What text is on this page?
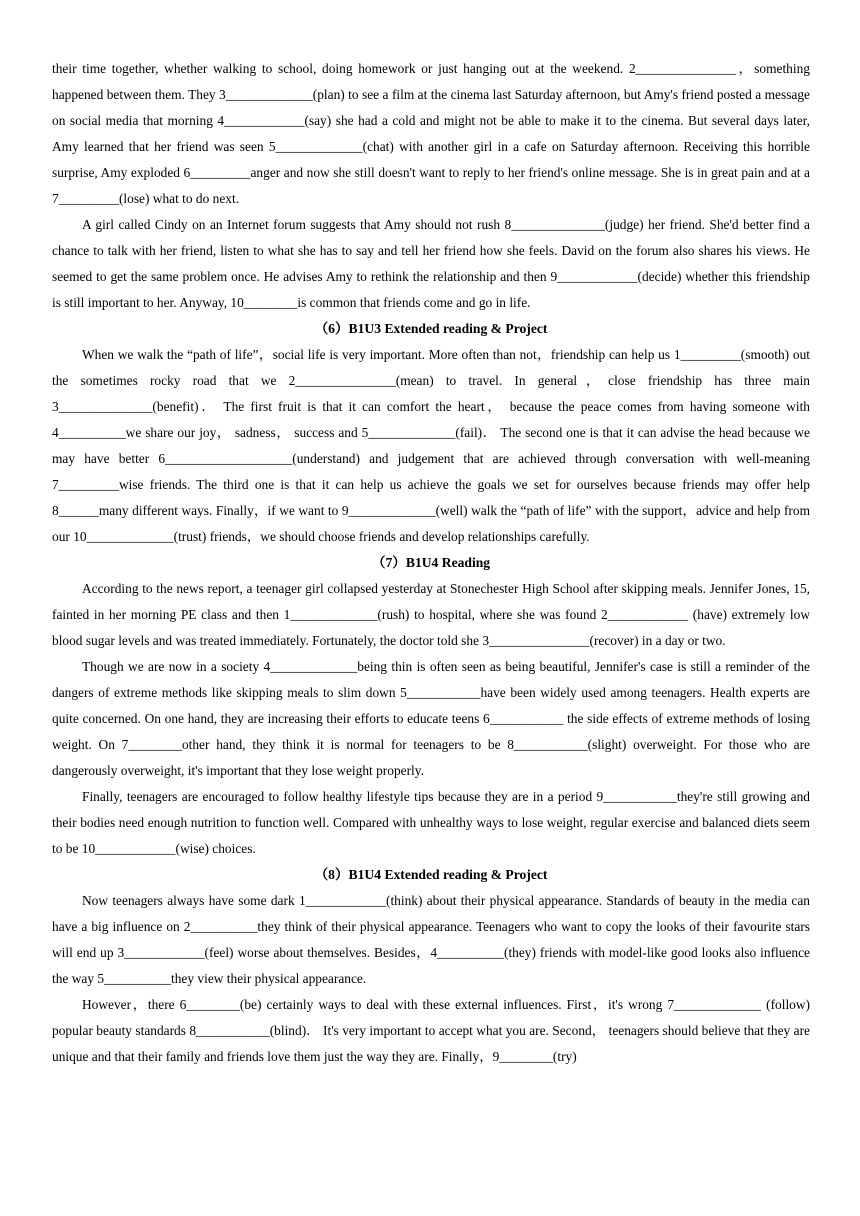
their time together, whether walking to school, doing homework or just hanging out at the weekend. 2_______________，something happened between them. They 3_____________(plan) to see a film at the cinema last Saturday afternoon, but Amy's friend posted a message on social media that morning 4____________(say) she had a cold and might not be able to make it to the cinema. But several days later, Amy learned that her friend was seen 5_____________(chat) with another girl in a cafe on Saturday afternoon. Receiving this horrible surprise, Amy exploded 6_________anger and now she still doesn't want to reply to her friend's online message. She is in great pain and at a 7_________(lose) what to do next.

A girl called Cindy on an Internet forum suggests that Amy should not rush 8______________(judge) her friend. She'd better find a chance to talk with her friend, listen to what she has to say and tell her friend how she feels. David on the forum also shares his views. He seemed to get the same problem once. He advises Amy to rethink the relationship and then 9____________(decide) whether this friendship is still important to her. Anyway, 10________is common that friends come and go in life.

（6）B1U3 Extended reading & Project

When we walk the “path of life”，social life is very important. More often than not，friendship can help us 1_________(smooth) out the sometimes rocky road that we 2_______________(mean) to travel. In general，close friendship has three main 3______________(benefit)． The first fruit is that it can comfort the heart， because the peace comes from having someone with 4__________we share our joy， sadness， success and 5_____________(fail)． The second one is that it can advise the head because we may have better 6___________________(understand) and judgement that are achieved through conversation with well-meaning 7_________wise friends. The third one is that it can help us achieve the goals we set for ourselves because friends may offer help 8______many different ways. Finally，if we want to 9_____________(well) walk the “path of life” with the support，advice and help from our 10_____________(trust) friends，we should choose friends and develop relationships carefully.

（7）B1U4 Reading

According to the news report, a teenager girl collapsed yesterday at Stonechester High School after skipping meals. Jennifer Jones, 15, fainted in her morning PE class and then 1_____________(rush) to hospital, where she was found 2____________ (have) extremely low blood sugar levels and was treated immediately. Fortunately, the doctor told she 3_______________(recover) in a day or two.

Though we are now in a society 4_____________being thin is often seen as being beautiful, Jennifer's case is still a reminder of the dangers of extreme methods like skipping meals to slim down 5___________have been widely used among teenagers. Health experts are quite concerned. On one hand, they are increasing their efforts to educate teens 6___________ the side effects of extreme methods of losing weight. On 7________other hand, they think it is normal for teenagers to be 8___________(slight) overweight. For those who are dangerously overweight, it's important that they lose weight properly.

Finally, teenagers are encouraged to follow healthy lifestyle tips because they are in a period 9___________they're still growing and their bodies need enough nutrition to function well. Compared with unhealthy ways to lose weight, regular exercise and balanced diets seem to be 10____________(wise) choices.

（8）B1U4 Extended reading & Project

Now teenagers always have some dark 1____________(think) about their physical appearance. Standards of beauty in the media can have a big influence on 2__________they think of their physical appearance. Teenagers who want to copy the looks of their favourite stars will end up 3____________(feel) worse about themselves. Besides，4__________(they) friends with model-like good looks also influence the way 5__________they view their physical appearance.

However，there 6________(be) certainly ways to deal with these external influences. First，it's wrong 7_____________ (follow) popular beauty standards 8___________(blind)． It's very important to accept what you are. Second， teenagers should believe that they are unique and that their family and friends love them just the way they are. Finally，9________(try)
